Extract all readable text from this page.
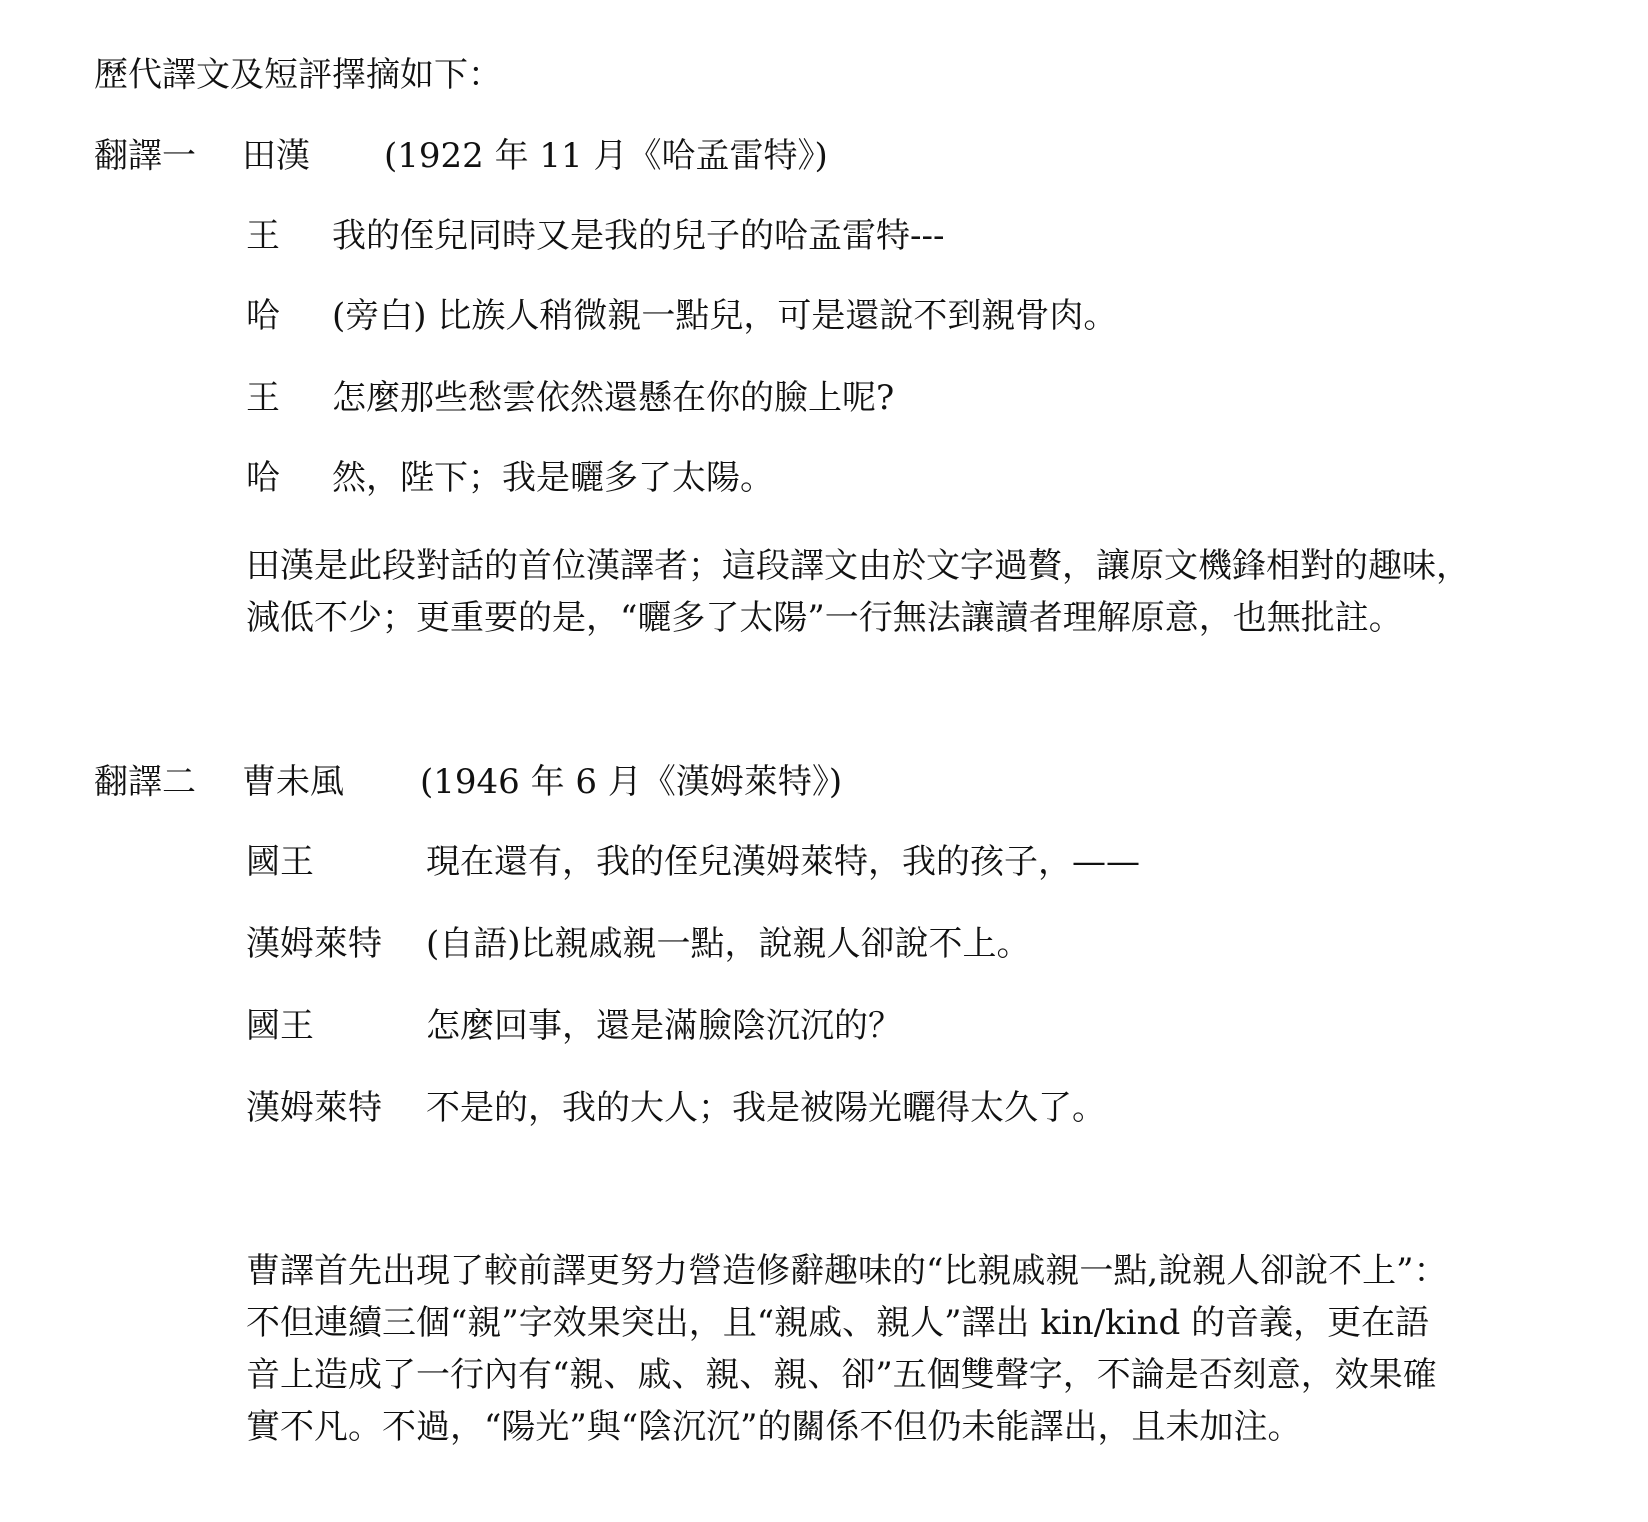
歷代譯文及短評擇摘如下：
翻譯一 田漢 (1922 年 11 月《哈孟雷特》)
王 我的侄兒同時又是我的兒子的哈孟雷特---
哈 (旁白) 比族人稍微親一點兒，可是還說不到親骨肉。
王 怎麼那些愁雲依然還懸在你的臉上呢?
哈 然，陛下；我是曬多了太陽。
田漢是此段對話的首位漢譯者；這段譯文由於文字過贅，讓原文機鋒相對的趣味，
減低不少；更重要的是，“曬多了太陽”一行無法讓讀者理解原意，也無批註。
翻譯二 曹未風 (1946 年 6 月《漢姆萊特》)
國王	現在還有，我的侄兒漢姆萊特，我的孩子，——
漢姆萊特 (自語)比親戚親一點，說親人卻說不上。
國王	怎麼回事，還是滿臉陰沉沉的？
漢姆萊特 不是的，我的大人；我是被陽光曬得太久了。
曹譯首先出現了較前譯更努力營造修辭趣味的“比親戚親一點,說親人卻說不上”：
不但連續三個“親”字效果突出，且“親戚、親人”譯出 kin/kind 的音義，更在語
音上造成了一行內有“親、戚、親、親、卻”五個雙聲字，不論是否刻意，效果確
實不凡。不過，“陽光”與“陰沉沉”的關係不但仍未能譯出，且未加注。
